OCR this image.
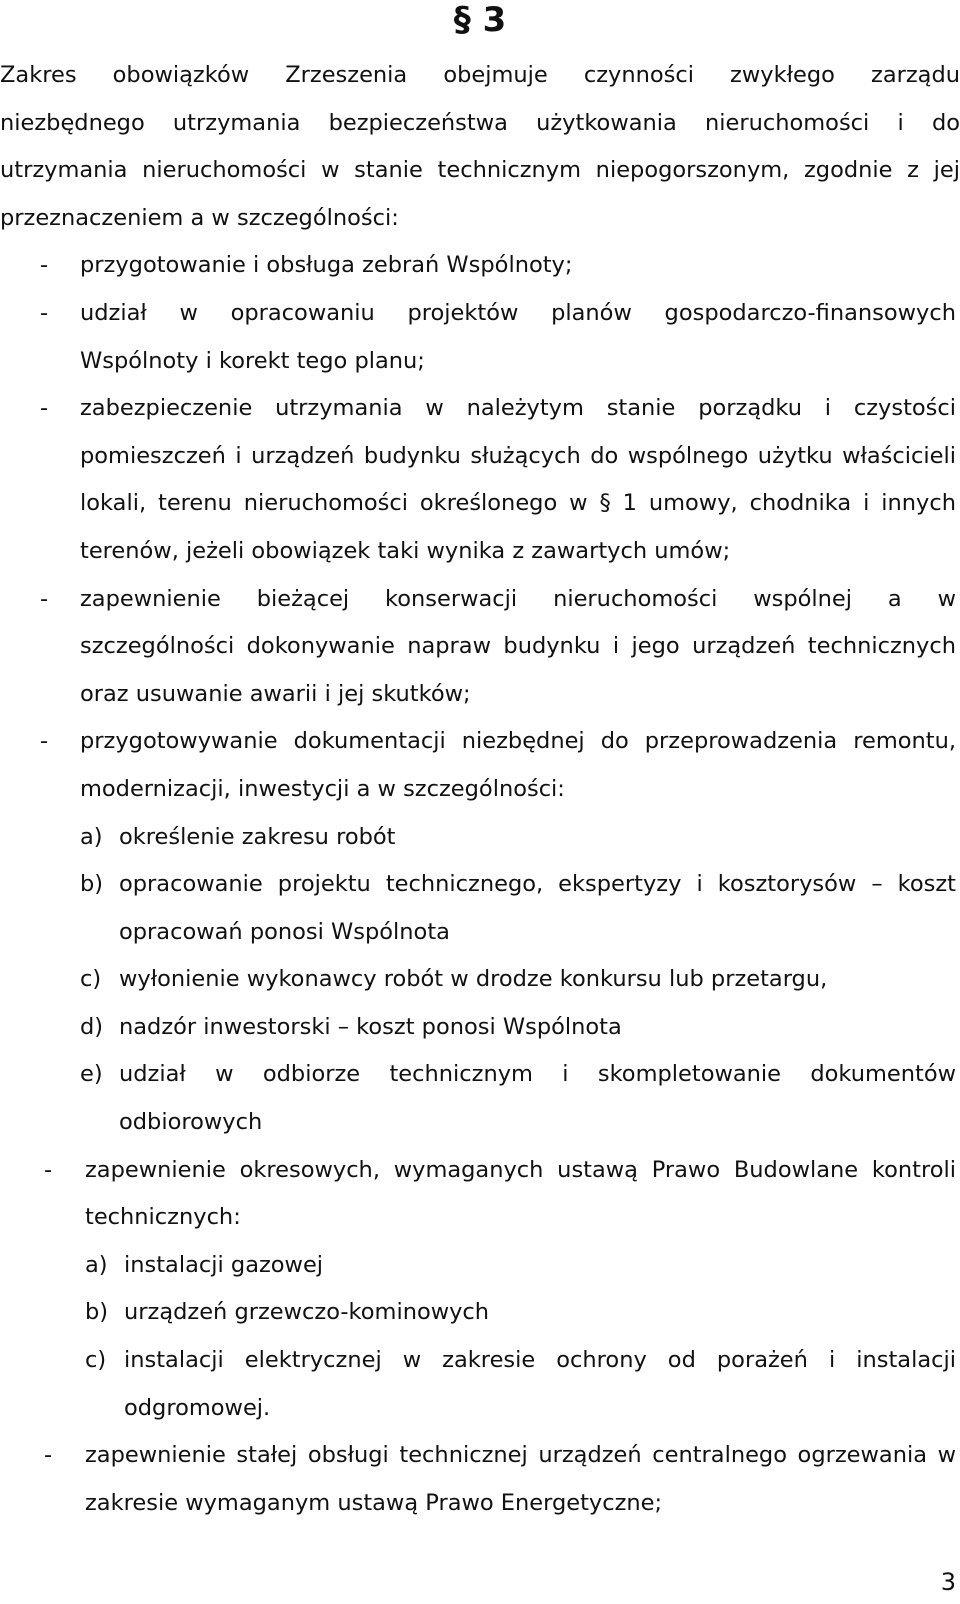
§ 3
Zakres obowiązków Zrzeszenia obejmuje czynności zwykłego zarządu
niezbędnego utrzymania bezpieczeństwa użytkowania nieruchomości i do
utrzymania nieruchomości w stanie technicznym niepogorszonym, zgodnie z jej
przeznaczeniem a w szczególności:
-	przygotowanie i obsługa zebrań Wspólnoty;
-	udział w opracowaniu projektów planów gospodarczo-finansowych
Wspólnoty i korekt tego planu;
-	zabezpieczenie utrzymania w należytym stanie porządku i czystości
pomieszczeń i urządzeń budynku służących do wspólnego użytku właścicieli
lokali, terenu nieruchomości określonego w § 1 umowy, chodnika i innych
terenów, jeżeli obowiązek taki wynika z zawartych umów;
-	zapewnienie bieżącej konserwacji nieruchomości wspólnej a w
szczególności dokonywanie napraw budynku i jego urządzeń technicznych
oraz usuwanie awarii i jej skutków;
-	przygotowywanie dokumentacji niezbędnej do przeprowadzenia remontu,
modernizacji, inwestycji a w szczególności:
a) określenie zakresu robót
b) opracowanie projektu technicznego, ekspertyzy i kosztorysów – koszt
opracowań ponosi Wspólnota
c) wyłonienie wykonawcy robót w drodze konkursu lub przetargu,
d) nadzór inwestorski – koszt ponosi Wspólnota
e) udział w odbiorze technicznym i skompletowanie dokumentów
odbiorowych
-	zapewnienie okresowych, wymaganych ustawą Prawo Budowlane kontroli
technicznych:
a) instalacji gazowej
b) urządzeń grzewczo-kominowych
c) instalacji elektrycznej w zakresie ochrony od porażeń i instalacji
odgromowej.
-	zapewnienie stałej obsługi technicznej urządzeń centralnego ogrzewania w
zakresie wymaganym ustawą Prawo Energetyczne;
3
